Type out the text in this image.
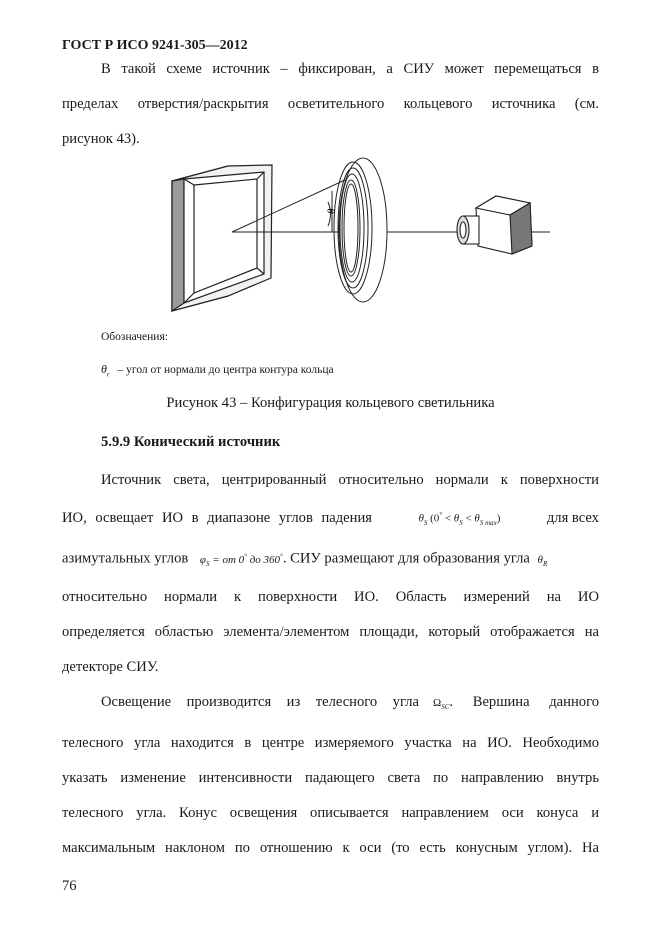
ГОСТ Р ИСО 9241-305—2012
В такой схеме источник – фиксирован, а СИУ может перемещаться в
пределах отверстия/раскрытия осветительного кольцевого источника (см.
рисунок 43).
θ
Обозначения:
$\theta_r$ – угол от нормали до центра контура кольца
Рисунок 43 – Конфигурация кольцевого светильника
5.9.9 Конический источник
Источник света, центрированный относительно нормали к поверхности
ИО, освещает ИО в диапазоне углов падения	$\theta_S$ $(0^\circ < \theta_S < \theta_{S max})$	для всех
азимутальных углов $\varphi_S$ = от 0° до 360°. СИУ размещают для образования угла $\theta_R$
относительно нормали к поверхности ИО. Область измерений на ИО
определяется областью элемента/элементом площади, который отображается на
детекторе СИУ.
Освещение производится из телесного угла $\Omega_{SC}$ . Вершина данного
телесного угла находится в центре измеряемого участка на ИО. Необходимо
указать изменение интенсивности падающего света по направлению внутрь
телесного угла. Конус освещения описывается направлением оси конуса и
максимальным наклоном по отношению к оси (то есть конусным углом). На
76
